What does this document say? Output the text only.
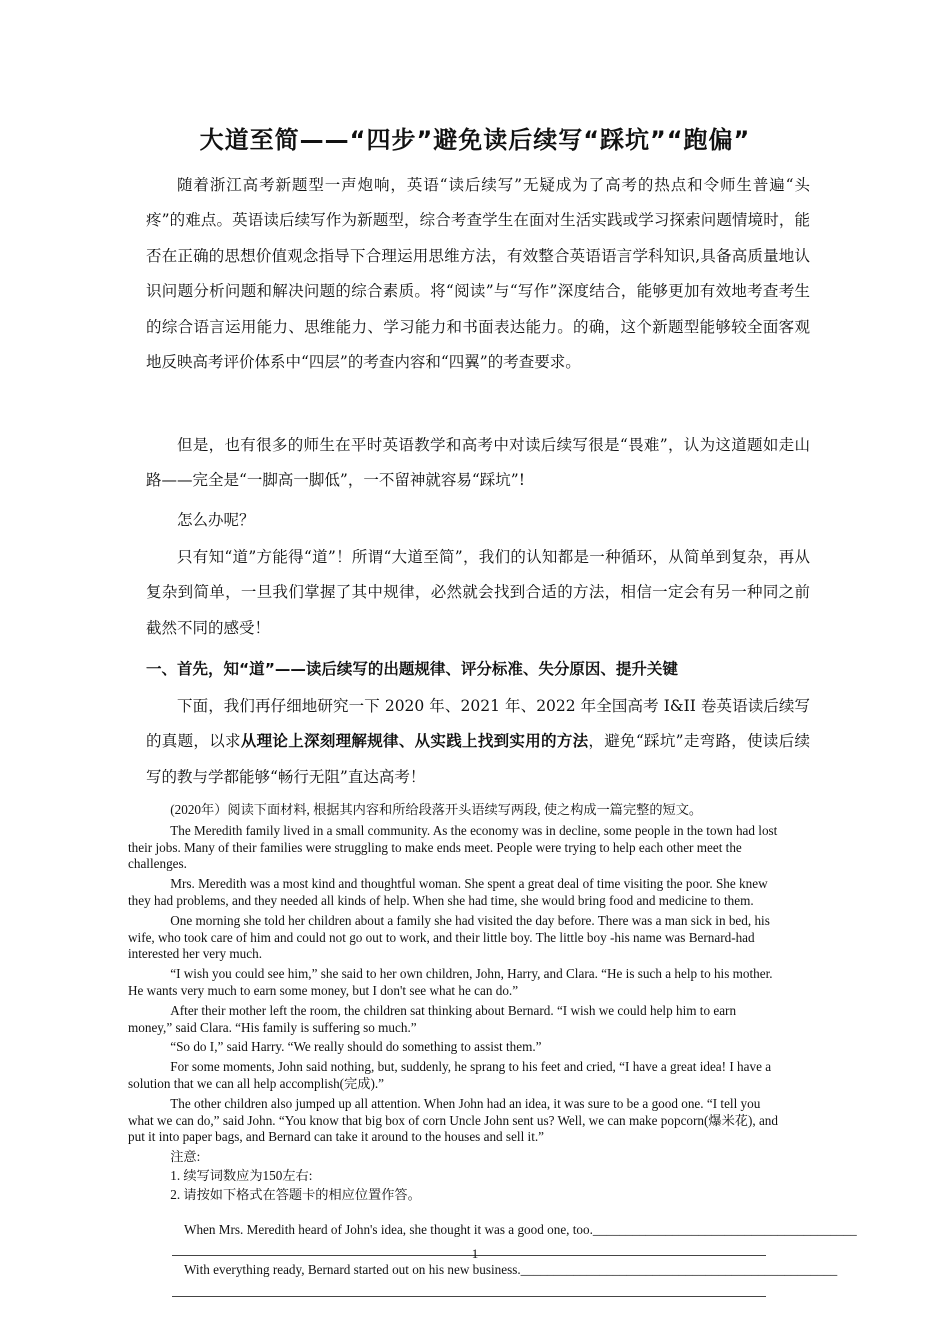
大道至简——“四步”避免读后续写“踩坑”“跑偏”

随着浙江高考新题型一声炮响，英语“读后续写”无疑成为了高考的热点和令师生普遍“头疼”的难点。英语读后续写作为新题型，综合考查学生在面对生活实践或学习探索问题情境时，能否在正确的思想价值观念指导下合理运用思维方法，有效整合英语语言学科知识,具备高质量地认识问题分析问题和解决问题的综合素质。将“阅读”与“写作”深度结合，能够更加有效地考查考生的综合语言运用能力、思维能力、学习能力和书面表达能力。的确，这个新题型能够较全面客观地反映高考评价体系中“四层”的考查内容和“四翼”的考查要求。

但是，也有很多的师生在平时英语教学和高考中对读后续写很是“畏难”，认为这道题如走山路——完全是“一脚高一脚低”，一不留神就容易“踩坑”!

怎么办呢？

只有知“道”方能得“道”！所谓“大道至简”，我们的认知都是一种循环，从简单到复杂，再从复杂到简单，一旦我们掌握了其中规律，必然就会找到合适的方法，相信一定会有另一种同之前截然不同的感受！

一、首先，知“道”——读后续写的出题规律、评分标准、失分原因、提升关键

下面，我们再仔细地研究一下 2020 年、2021 年、2022 年全国高考 I&II 卷英语读后续写的真题，以求从理论上深刻理解规律、从实践上找到实用的方法，避免“踩坑”走弯路，使读后续写的教与学都能够“畅行无阻”直达高考！

(2020年）阅读下面材料, 根据其内容和所给段落开头语续写两段, 使之构成一篇完整的短文。

The Meredith family lived in a small community. As the economy was in decline, some people in the town had lost their jobs. Many of their families were struggling to make ends meet. People were trying to help each other meet the challenges.

Mrs. Meredith was a most kind and thoughtful woman. She spent a great deal of time visiting the poor. She knew they had problems, and they needed all kinds of help. When she had time, she would bring food and medicine to them.

One morning she told her children about a family she had visited the day before. There was a man sick in bed, his wife, who took care of him and could not go out to work, and their little boy. The little boy -his name was Bernard-had interested her very much.

“I wish you could see him,” she said to her own children, John, Harry, and Clara. “He is such a help to his mother. He wants very much to earn some money, but I don't see what he can do.”

After their mother left the room, the children sat thinking about Bernard. “I wish we could help him to earn money,” said Clara. “His family is suffering so much.”

“So do I,” said Harry. “We really should do something to assist them.”

For some moments, John said nothing, but, suddenly, he sprang to his feet and cried, “I have a great idea! I have a solution that we can all help accomplish(完成).”

The other children also jumped up all attention. When John had an idea, it was sure to be a good one. “I tell you what we can do,” said John. “You know that big box of corn Uncle John sent us? Well, we can make popcorn(爆米花), and put it into paper bags, and Bernard can take it around to the houses and sell it.”

注意:

1. 续写词数应为150左右:

2. 请按如下格式在答题卡的相应位置作答。

When Mrs. Meredith heard of John's idea, she thought it was a good one, too.________________________________________
1
With everything ready, Bernard started out on his new business.________________________________________________
